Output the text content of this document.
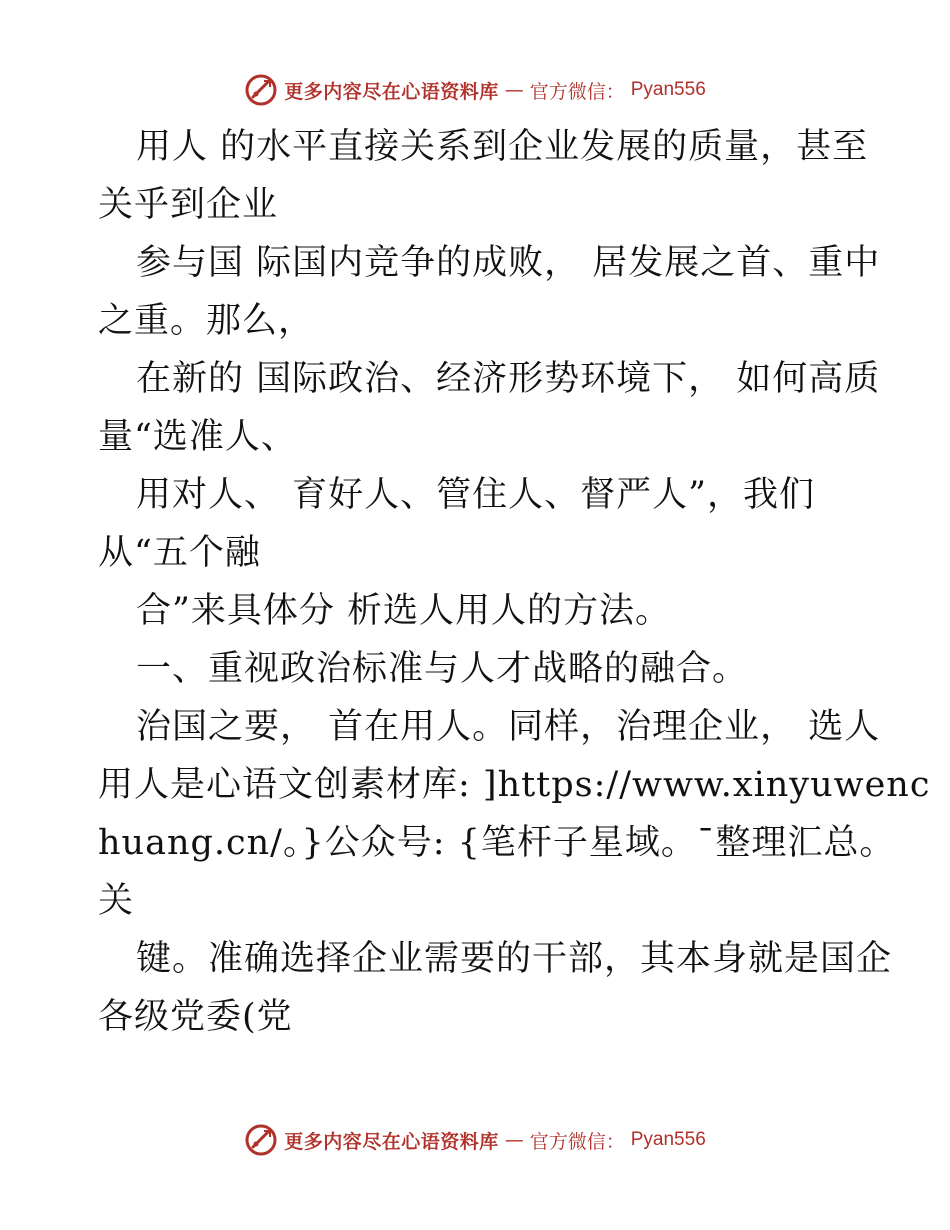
更多内容尽在心语资料库 — 官方微信： Pyan556
用人 的水平直接关系到企业发展的质量，甚至
关乎到企业
参与国 际国内竞争的成败， 居发展之首、重中
之重。那么，
在新的 国际政治、经济形势环境下， 如何高质
量“选准人、
用对人、 育好人、管住人、督严人”，我们
从“五个融
合”来具体分 析选人用人的方法。
一、重视政治标准与人才战略的融合。
治国之要， 首在用人。同样，治理企业， 选人
用人是心语文创素材库: ]https://www.xinyuwenc
huang.cn/。}公众号: {笔杆子星域。¯整理汇总。
关
键。准确选择企业需要的干部，其本身就是国企
各级党委(党
更多内容尽在心语资料库 — 官方微信： Pyan556
